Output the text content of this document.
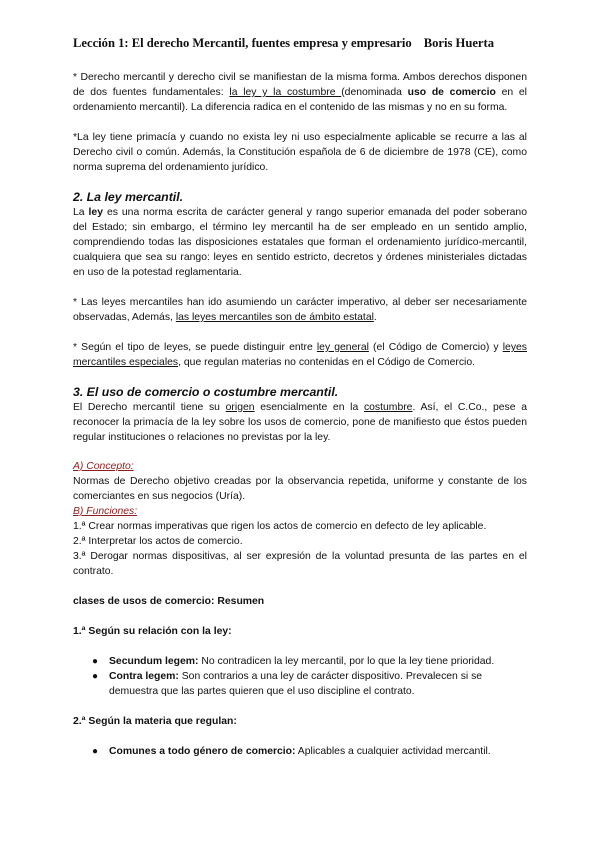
Lección 1: El derecho Mercantil, fuentes empresa y empresario Boris Huerta

* Derecho mercantil y derecho civil se manifiestan de la misma forma. Ambos derechos disponen de dos fuentes fundamentales: la ley y la costumbre (denominada uso de comercio en el ordenamiento mercantil). La diferencia radica en el contenido de las mismas y no en su forma.

*La ley tiene primacía y cuando no exista ley ni uso especialmente aplicable se recurre a las al Derecho civil o común. Además, la Constitución española de 6 de diciembre de 1978 (CE), como norma suprema del ordenamiento jurídico.

2. La ley mercantil.

La ley es una norma escrita de carácter general y rango superior emanada del poder soberano del Estado; sin embargo, el término ley mercantil ha de ser empleado en un sentido amplio, comprendiendo todas las disposiciones estatales que forman el ordenamiento jurídico-mercantil, cualquiera que sea su rango: leyes en sentido estricto, decretos y órdenes ministeriales dictadas en uso de la potestad reglamentaria.

* Las leyes mercantiles han ido asumiendo un carácter imperativo, al deber ser necesariamente observadas, Además, las leyes mercantiles son de ámbito estatal.

* Según el tipo de leyes, se puede distinguir entre ley general (el Código de Comercio) y leyes mercantiles especiales, que regulan materias no contenidas en el Código de Comercio.

3. El uso de comercio o costumbre mercantil.

El Derecho mercantil tiene su origen esencialmente en la costumbre. Así, el C.Co., pese a reconocer la primacía de la ley sobre los usos de comercio, pone de manifiesto que éstos pueden regular instituciones o relaciones no previstas por la ley.

A) Concepto:

Normas de Derecho objetivo creadas por la observancia repetida, uniforme y constante de los comerciantes en sus negocios (Uría).

B) Funciones:

1.ª Crear normas imperativas que rigen los actos de comercio en defecto de ley aplicable.

2.ª Interpretar los actos de comercio.

3.ª Derogar normas dispositivas, al ser expresión de la voluntad presunta de las partes en el contrato.

clases de usos de comercio: Resumen
1.ª Según su relación con la ley:
● Secundum legem: No contradicen la ley mercantil, por lo que la ley tiene prioridad.
● Contra legem: Son contrarios a una ley de carácter dispositivo. Prevalecen si se demuestra que las partes quieren que el uso discipline el contrato.
2.ª Según la materia que regulan:
● Comunes a todo género de comercio: Aplicables a cualquier actividad mercantil.
